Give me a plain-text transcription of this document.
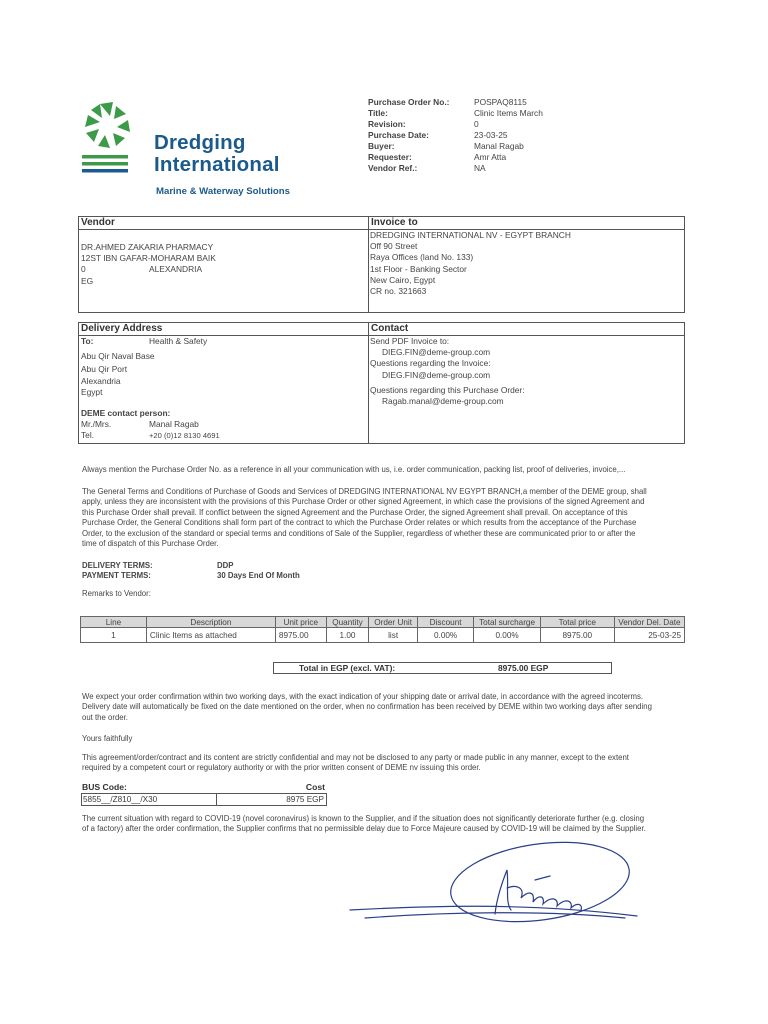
Dredging
International
Marine & Waterway Solutions
Purchase Order No.:	POSPAQ8115
Title:	Clinic Items March
Revision:	0
Purchase Date:	23-03-25
Buyer:	Manal Ragab
Requester:	Amr Atta
Vendor Ref.:	NA
Vendor
DR.AHMED ZAKARIA PHARMACY
12ST IBN GAFAR-MOHARAM BAIK
0	ALEXANDRIA
EG
Invoice to
DREDGING INTERNATIONAL NV - EGYPT BRANCH
Off 90 Street
Raya Offices (land No. 133)
1st Floor - Banking Sector
New Cairo, Egypt
CR no. 321663
Delivery Address
To:	Health & Safety
Abu Qir Naval Base
Abu Qir Port
Alexandria
Egypt
DEME contact person:
Mr./Mrs.	Manal Ragab
Tel.	+20 (0)12 8130 4691
Contact
Send PDF Invoice to:
DIEG.FIN@deme-group.com
Questions regarding the Invoice:
DIEG.FIN@deme-group.com
Questions regarding this Purchase Order:
Ragab.manal@deme-group.com
Always mention the Purchase Order No. as a reference in all your communication with us, i.e. order communication, packing list, proof of deliveries, invoice,...
The General Terms and Conditions of Purchase of Goods and Services of DREDGING INTERNATIONAL NV EGYPT BRANCH,a member of the DEME group, shall
apply, unless they are inconsistent with the provisions of this Purchase Order or other signed Agreement, in which case the provisions of the signed Agreement and
this Purchase Order shall prevail. If conflict between the signed Agreement and the Purchase Order, the signed Agreement shall prevail. On acceptance of this
Purchase Order, the General Conditions shall form part of the contract to which the Purchase Order relates or which results from the acceptance of the Purchase
Order, to the exclusion of the standard or special terms and conditions of Sale of the Supplier, regardless of whether these are communicated prior to or after the
time of dispatch of this Purchase Order.
DELIVERY TERMS:	DDP
PAYMENT TERMS:	30 Days End Of Month
Remarks to Vendor:
Line	Description	Unit price	Quantity	Order Unit	Discount	Total surcharge	Total price	Vendor Del. Date
1	Clinic Items as attached	8975.00	1.00	list	0.00%	0.00%	8975.00	25-03-25
Total in EGP (excl. VAT):	8975.00 EGP
We expect your order confirmation within two working days, with the exact indication of your shipping date or arrival date, in accordance with the agreed incoterms.
Delivery date will automatically be fixed on the date mentioned on the order, when no confirmation has been received by DEME within two working days after sending
out the order.
Yours faithfully
This agreement/order/contract and its content are strictly confidential and may not be disclosed to any party or made public in any manner, except to the extent
required by a competent court or regulatory authority or with the prior written consent of DEME nv issuing this order.
BUS Code:	Cost
5855__/Z810__/X30	8975 EGP
The current situation with regard to COVID-19 (novel coronavirus) is known to the Supplier, and if the situation does not significantly deteriorate further (e.g. closing
of a factory) after the order confirmation, the Supplier confirms that no permissible delay due to Force Majeure caused by COVID-19 will be claimed by the Supplier.
